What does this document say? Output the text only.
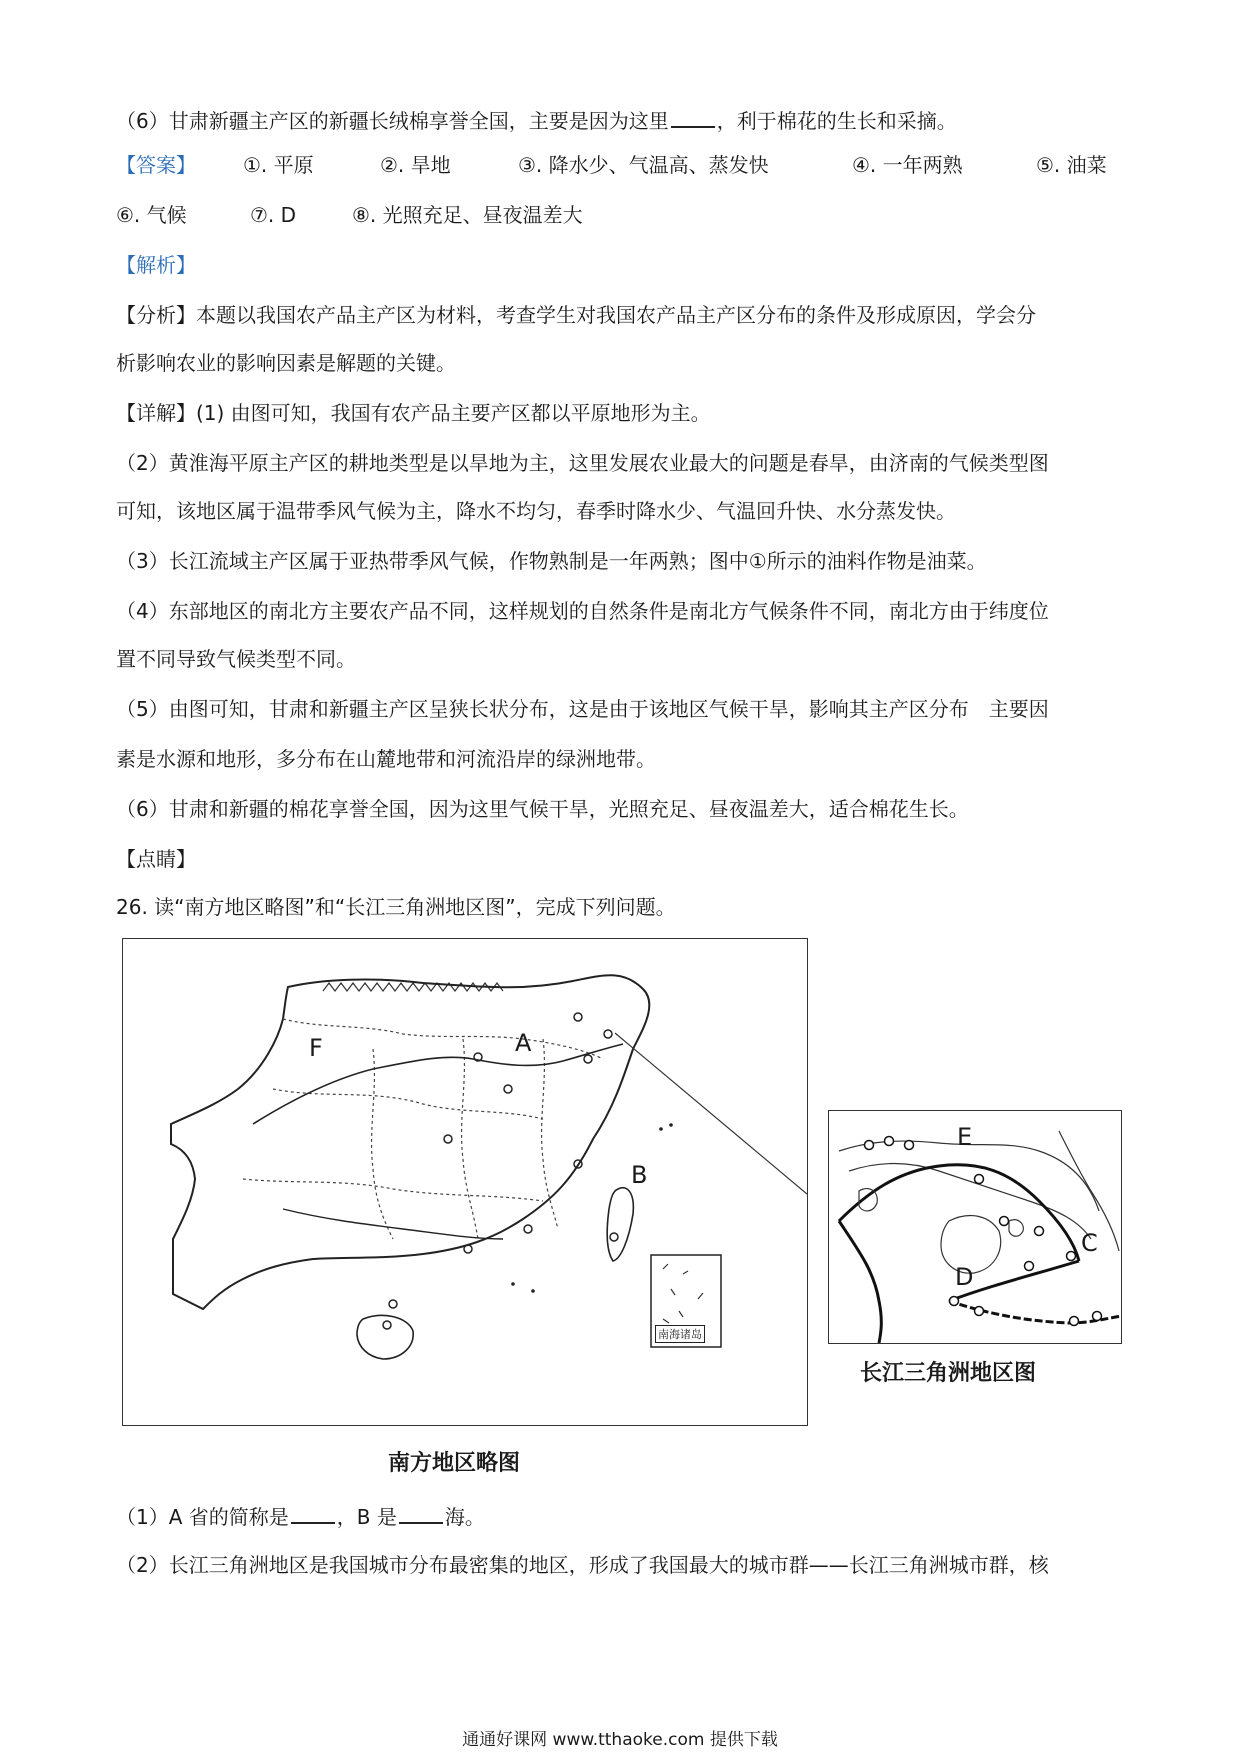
（6）甘肃新疆主产区的新疆长绒棉享誉全国，主要是因为这里 ，利于棉花的生长和采摘。
【答案】 ①. 平原	②. 旱地	③. 降水少、气温高、蒸发快	④. 一年两熟	⑤. 油菜
⑥. 气候	⑦. D	⑧. 光照充足、昼夜温差大
【解析】
【分析】本题以我国农产品主产区为材料，考查学生对我国农产品主产区分布的条件及形成原因，学会分
析影响农业的影响因素是解题的关键。
【详解】(1) 由图可知，我国有农产品主要产区都以平原地形为主。
（2）黄淮海平原主产区的耕地类型是以旱地为主，这里发展农业最大的问题是春旱，由济南的气候类型图
可知，该地区属于温带季风气候为主，降水不均匀，春季时降水少、气温回升快、水分蒸发快。
（3）长江流域主产区属于亚热带季风气候，作物熟制是一年两熟；图中①所示的油料作物是油菜。
（4）东部地区的南北方主要农产品不同，这样规划的自然条件是南北方气候条件不同，南北方由于纬度位
置不同导致气候类型不同。
（5）由图可知，甘肃和新疆主产区呈狭长状分布，这是由于该地区气候干旱，影响其主产区分布　主要因
素是水源和地形，多分布在山麓地带和河流沿岸的绿洲地带。
（6）甘肃和新疆的棉花享誉全国，因为这里气候干旱，光照充足、昼夜温差大，适合棉花生长。
【点睛】
26. 读“南方地区略图”和“长江三角洲地区图”，完成下列问题。
F	A
B
南海诸岛
南方地区略图
E
C
D
长江三角洲地区图
（1）A 省的简称是 ，B 是 海。
（2）长江三角洲地区是我国城市分布最密集的地区，形成了我国最大的城市群——长江三角洲城市群，核
通通好课网 www.tthaoke.com 提供下载
